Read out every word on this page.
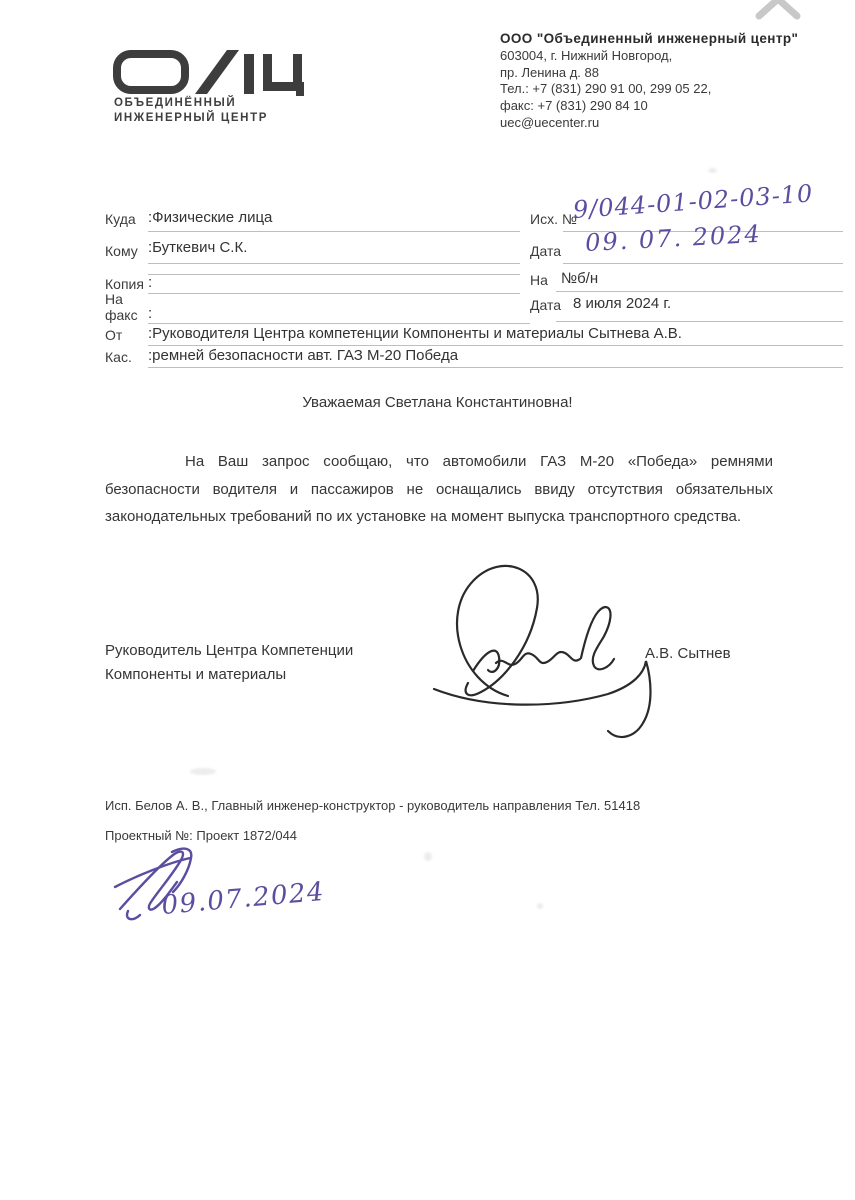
ОБЪЕДИНЁННЫЙ
ИНЖЕНЕРНЫЙ ЦЕНТР
ООО "Объединенный инженерный центр"
603004, г. Нижний Новгород,
пр. Ленина д. 88
Тел.: +7 (831) 290 91 00, 299 05 22,
факс: +7 (831) 290 84 10
uec@uecenter.ru
Куда :Физические лица
Кому :Буткевич С.К.
Копия :
На
факс :
От :Руководителя Центра компетенции Компоненты и материалы Сытнева А.В.
Кас. :ремней безопасности авт. ГАЗ М-20 Победа
Исх. №
9/044-01-02-03-10
Дата 09. 07. 2024
На №б/н
Дата 8 июля 2024 г.
Уважаемая Светлана Константиновна!
На Ваш запрос сообщаю, что автомобили ГАЗ М-20 «Победа» ремнями безопасности водителя и пассажиров не оснащались ввиду отсутствия обязательных законодательных требований по их установке на момент выпуска транспортного средства.
Руководитель Центра Компетенции
Компоненты и материалы
А.В. Сытнев
Исп. Белов А. В., Главный инженер-конструктор - руководитель направления Тел. 51418
Проектный №: Проект 1872/044
09.07.2024
